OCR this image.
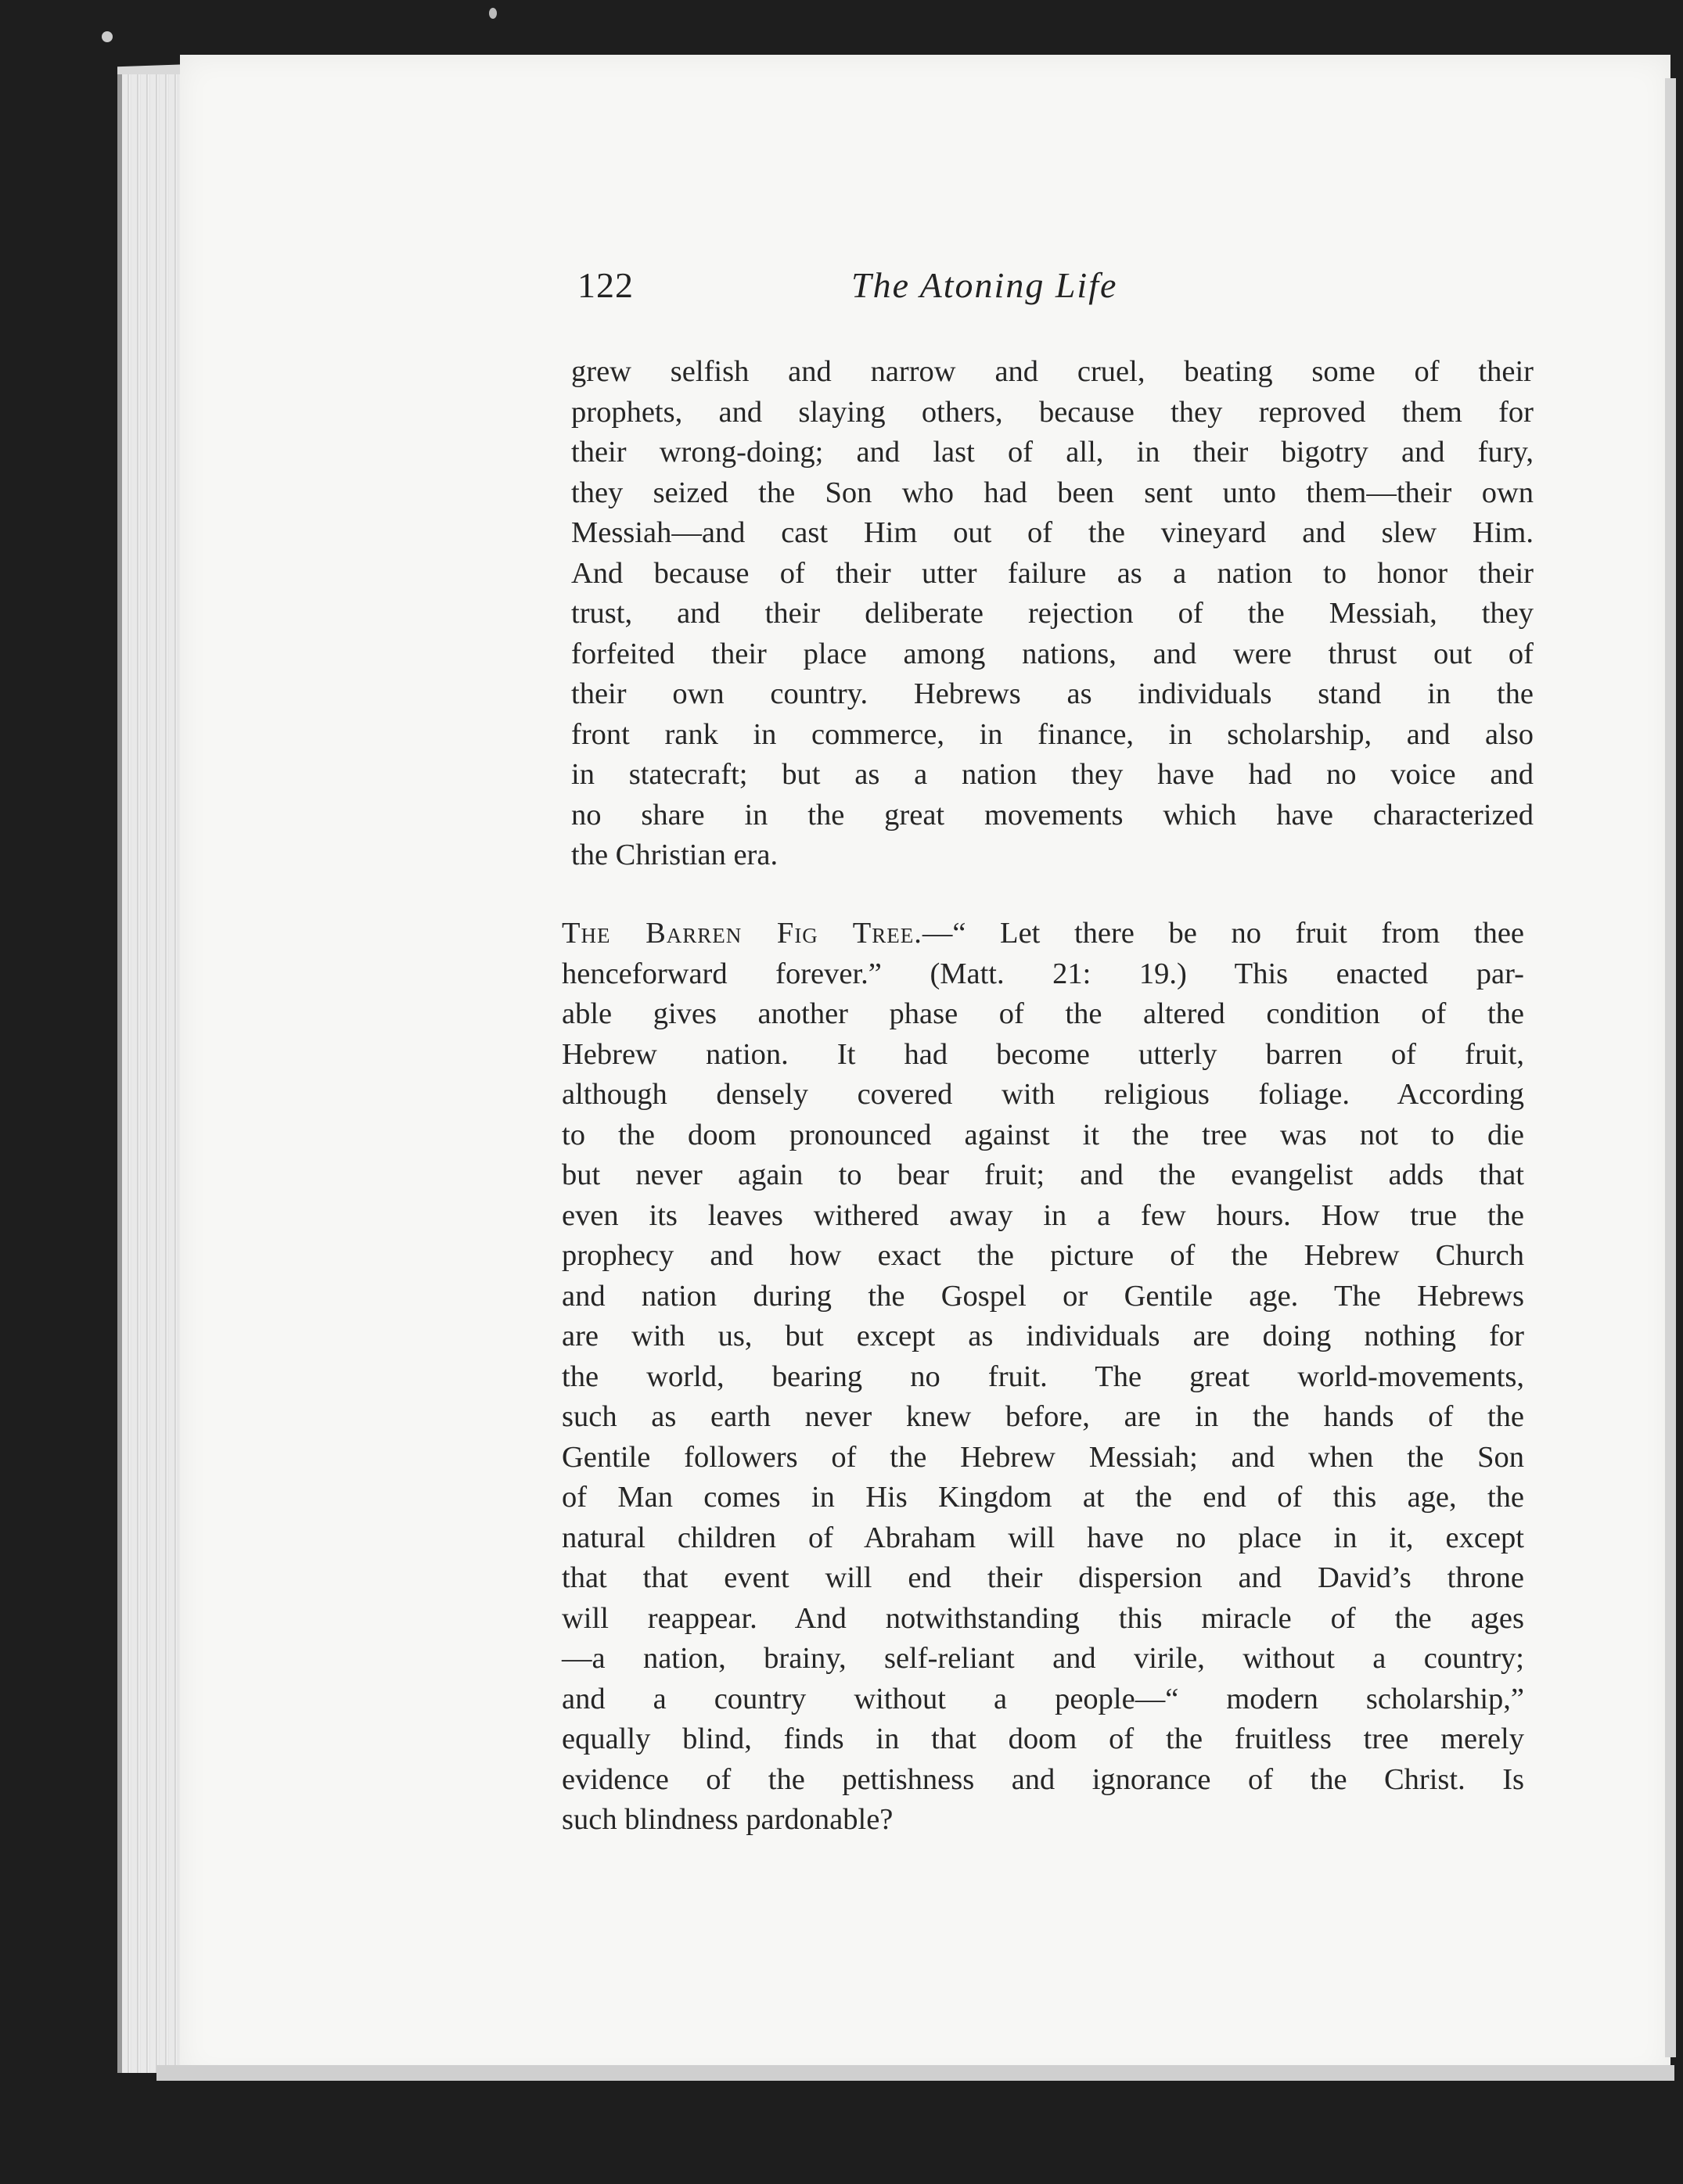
122	The Atoning Life
grew selfish and narrow and cruel, beating some of their
prophets, and slaying others, because they reproved them for
their wrong-doing; and last of all, in their bigotry and fury,
they seized the Son who had been sent unto them—their own
Messiah—and cast Him out of the vineyard and slew Him.
And because of their utter failure as a nation to honor their
trust, and their deliberate rejection of the Messiah, they
forfeited their place among nations, and were thrust out of
their own country. Hebrews as individuals stand in the
front rank in commerce, in finance, in scholarship, and also
in statecraft; but as a nation they have had no voice and
no share in the great movements which have characterized
the Christian era.
The Barren Fig Tree.—“ Let there be no fruit from thee
henceforward forever.” (Matt. 21: 19.) This enacted par-
able gives another phase of the altered condition of the
Hebrew nation. It had become utterly barren of fruit,
although densely covered with religious foliage. According
to the doom pronounced against it the tree was not to die
but never again to bear fruit; and the evangelist adds that
even its leaves withered away in a few hours. How true the
prophecy and how exact the picture of the Hebrew Church
and nation during the Gospel or Gentile age. The Hebrews
are with us, but except as individuals are doing nothing for
the world, bearing no fruit. The great world-movements,
such as earth never knew before, are in the hands of the
Gentile followers of the Hebrew Messiah; and when the Son
of Man comes in His Kingdom at the end of this age, the
natural children of Abraham will have no place in it, except
that that event will end their dispersion and David’s throne
will reappear. And notwithstanding this miracle of the ages
—a nation, brainy, self-reliant and virile, without a country;
and a country without a people—“ modern scholarship,”
equally blind, finds in that doom of the fruitless tree merely
evidence of the pettishness and ignorance of the Christ. Is
such blindness pardonable?
